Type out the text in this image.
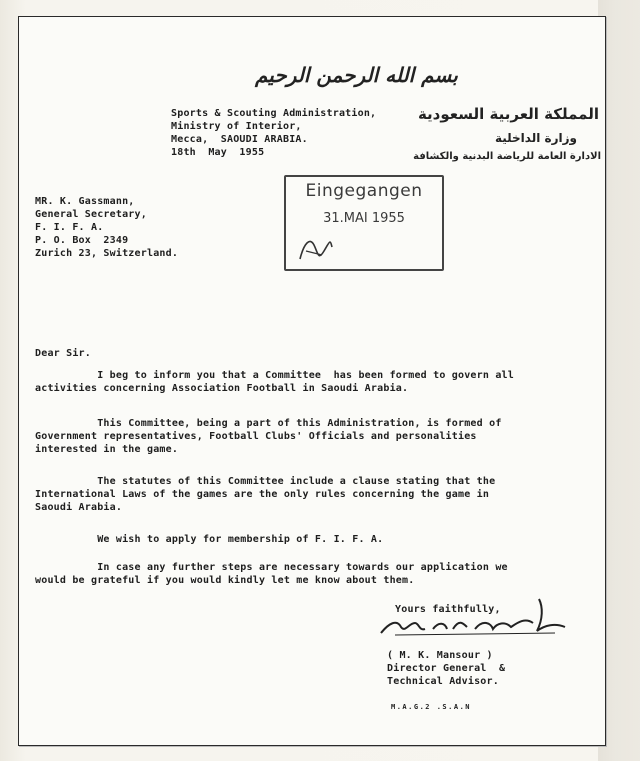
بسم الله الرحمن الرحيم
Sports & Scouting Administration,
Ministry of Interior,
Mecca,  SAOUDI ARABIA.
18th  May  1955
المملكة العربية السعودية
وزارة الداخلية
الادارة العامة للرياضة البدنية والكشافة
MR. K. Gassmann,
General Secretary,
F. I. F. A.
P. O. Box  2349
Zurich 23, Switzerland.
Eingegangen
31.MAI 1955
Dear Sir.
I beg to inform you that a Committee  has been formed to govern all
activities concerning Association Football in Saoudi Arabia.
This Committee, being a part of this Administration, is formed of
Government representatives, Football Clubs' Officials and personalities
interested in the game.
The statutes of this Committee include a clause stating that the
International Laws of the games are the only rules concerning the game in
Saoudi Arabia.
We wish to apply for membership of F. I. F. A.
In case any further steps are necessary towards our application we
would be grateful if you would kindly let me know about them.
Yours faithfully,
( M. K. Mansour )
Director General  &
Technical Advisor.
M.A.G.2 .S.A.N
